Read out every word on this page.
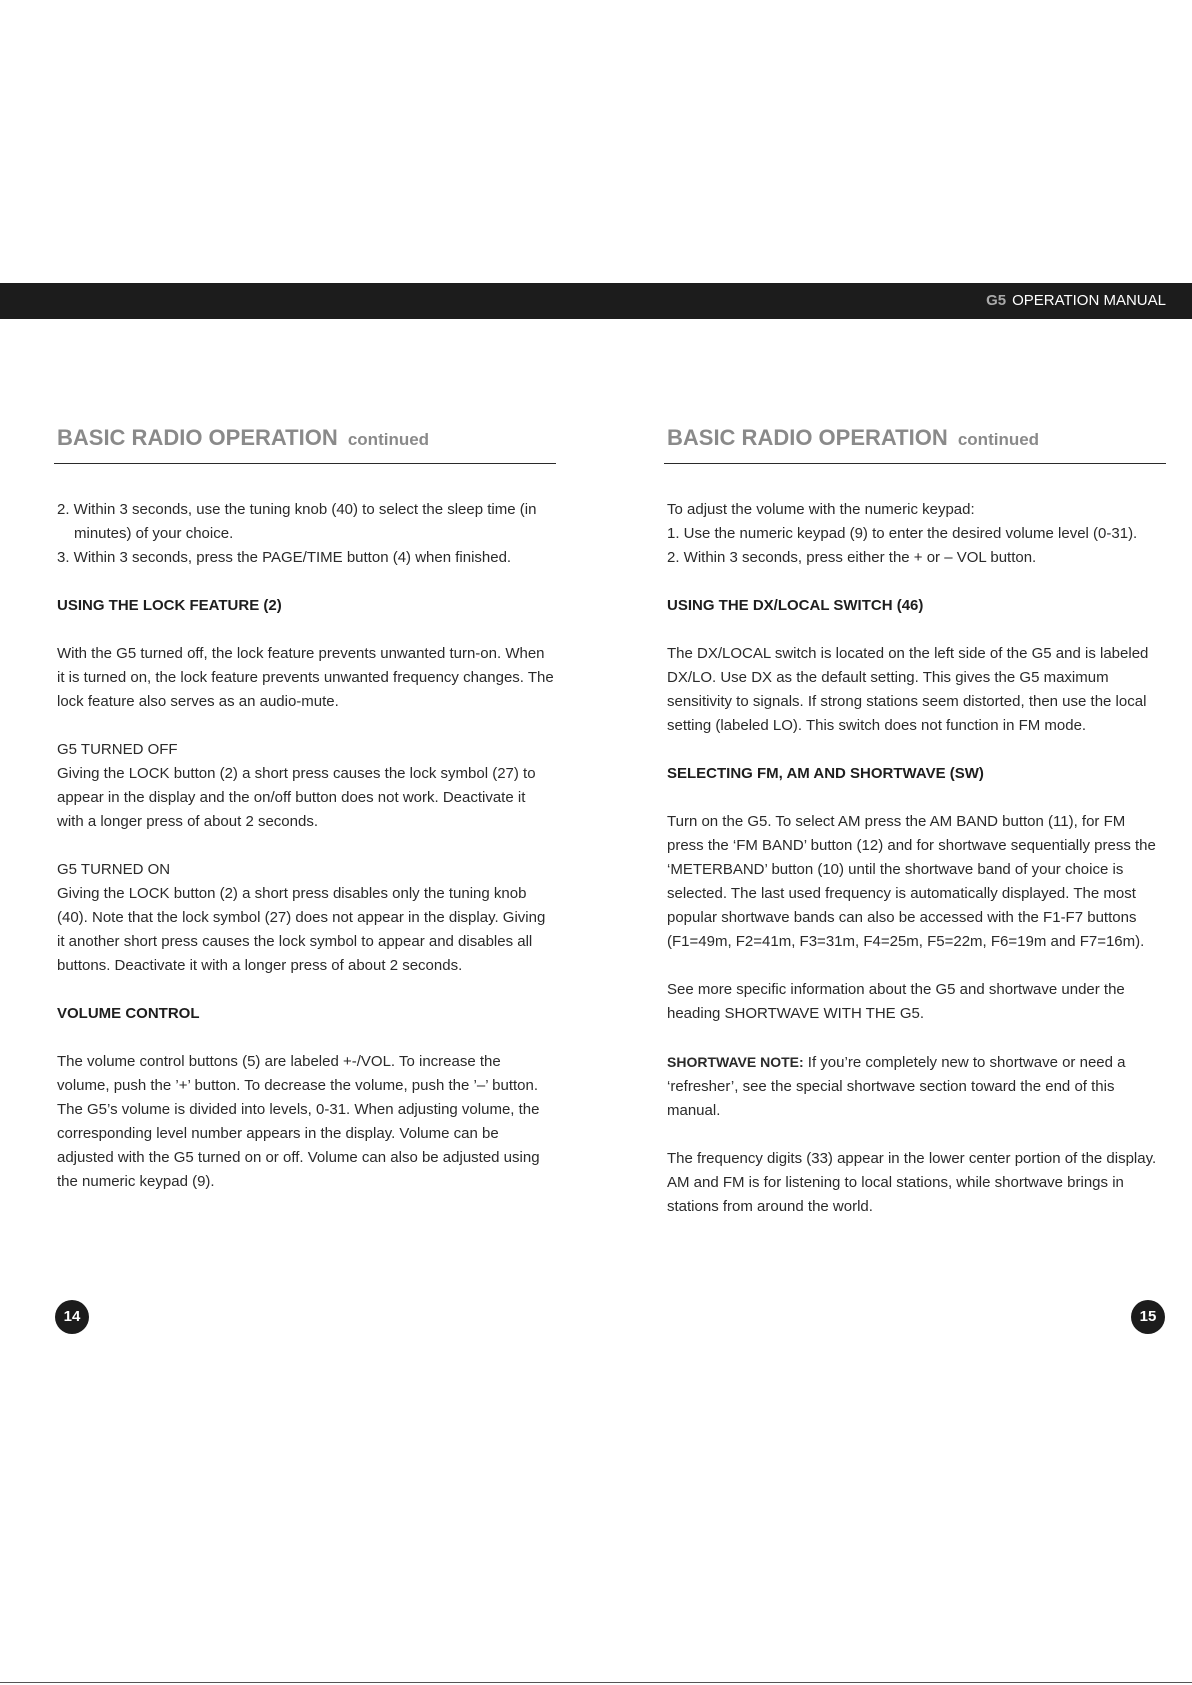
G5 OPERATION MANUAL
BASIC RADIO OPERATION continued

2. Within 3 seconds, use the tuning knob (40) to select the sleep time (in minutes) of your choice.

3. Within 3 seconds, press the PAGE/TIME button (4) when finished.

USING THE LOCK FEATURE (2)

With the G5 turned off, the lock feature prevents unwanted turn-on. When it is turned on, the lock feature prevents unwanted frequency changes. The lock feature also serves as an audio-mute.

G5 TURNED OFF

Giving the LOCK button (2) a short press causes the lock symbol (27) to appear in the display and the on/off button does not work. Deactivate it with a longer press of about 2 seconds.

G5 TURNED ON

Giving the LOCK button (2) a short press disables only the tuning knob (40). Note that the lock symbol (27) does not appear in the display. Giving it another short press causes the lock symbol to appear and disables all buttons. Deactivate it with a longer press of about 2 seconds.

VOLUME CONTROL

The volume control buttons (5) are labeled +-/VOL. To increase the volume, push the ’+’ button. To decrease the volume, push the ’–’ button. The G5’s volume is divided into levels, 0-31. When adjusting volume, the corresponding level number appears in the display. Volume can be adjusted with the G5 turned on or off. Volume can also be adjusted using the numeric keypad (9).

BASIC RADIO OPERATION continued

To adjust the volume with the numeric keypad:

1. Use the numeric keypad (9) to enter the desired volume level (0-31).

2. Within 3 seconds, press either the + or – VOL button.

USING THE DX/LOCAL SWITCH (46)

The DX/LOCAL switch is located on the left side of the G5 and is labeled DX/LO. Use DX as the default setting. This gives the G5 maximum sensitivity to signals. If strong stations seem distorted, then use the local setting (labeled LO). This switch does not function in FM mode.

SELECTING FM, AM AND SHORTWAVE (SW)

Turn on the G5. To select AM press the AM BAND button (11), for FM press the ‘FM BAND’ button (12) and for shortwave sequentially press the ‘METERBAND’ button (10) until the shortwave band of your choice is selected. The last used frequency is automatically displayed. The most popular shortwave bands can also be accessed with the F1-F7 buttons (F1=49m, F2=41m, F3=31m, F4=25m, F5=22m, F6=19m and F7=16m).

See more specific information about the G5 and shortwave under the heading SHORTWAVE WITH THE G5.

SHORTWAVE NOTE: If you’re completely new to shortwave or need a ‘refresher’, see the special shortwave section toward the end of this manual.

The frequency digits (33) appear in the lower center portion of the display. AM and FM is for listening to local stations, while shortwave brings in stations from around the world.

14	15
